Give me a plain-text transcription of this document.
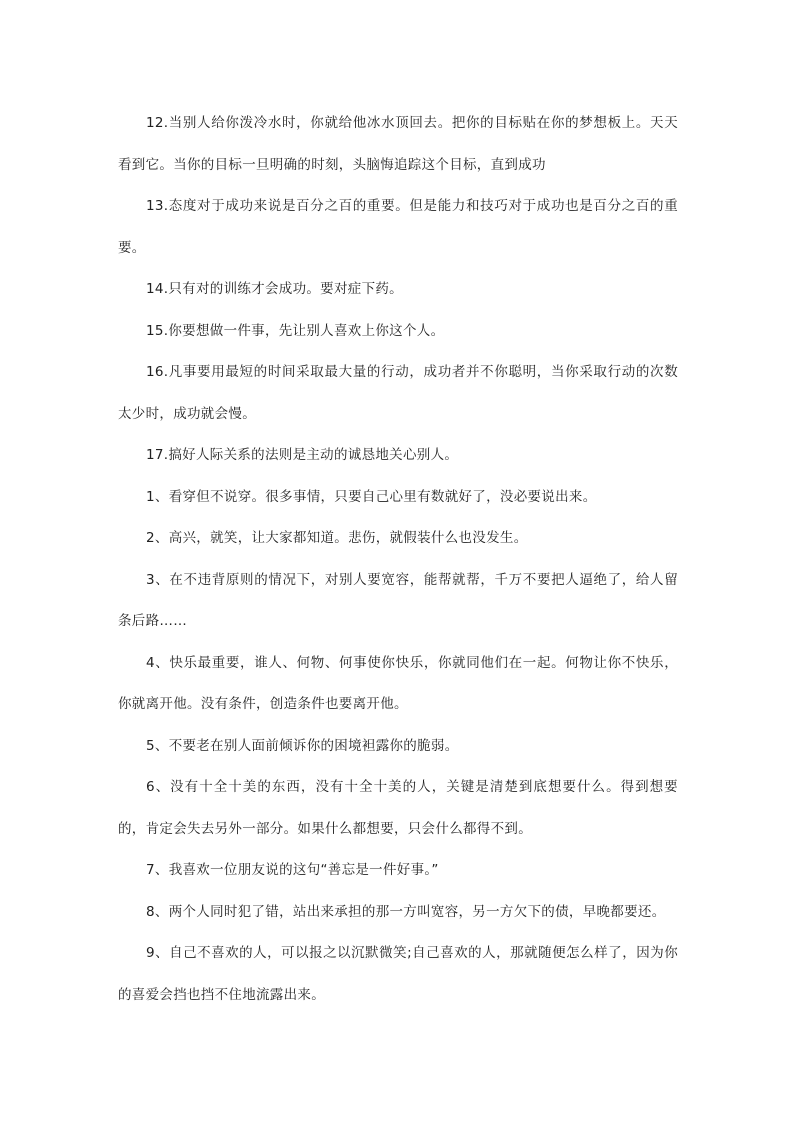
12.当别人给你泼冷水时，你就给他冰水顶回去。把你的目标贴在你的梦想板上。天天看到它。当你的目标一旦明确的时刻，头脑悔追踪这个目标，直到成功

13.态度对于成功来说是百分之百的重要。但是能力和技巧对于成功也是百分之百的重要。

14.只有对的训练才会成功。要对症下药。

15.你要想做一件事，先让别人喜欢上你这个人。

16.凡事要用最短的时间采取最大量的行动，成功者并不你聪明，当你采取行动的次数太少时，成功就会慢。

17.搞好人际关系的法则是主动的诚恳地关心别人。

1、看穿但不说穿。很多事情，只要自己心里有数就好了，没必要说出来。

2、高兴，就笑，让大家都知道。悲伤，就假装什么也没发生。

3、在不违背原则的情况下，对别人要宽容，能帮就帮，千万不要把人逼绝了，给人留条后路……

4、快乐最重要，谁人、何物、何事使你快乐，你就同他们在一起。何物让你不快乐，你就离开他。没有条件，创造条件也要离开他。

5、不要老在别人面前倾诉你的困境袒露你的脆弱。

6、没有十全十美的东西，没有十全十美的人，关键是清楚到底想要什么。得到想要的，肯定会失去另外一部分。如果什么都想要，只会什么都得不到。

7、我喜欢一位朋友说的这句“善忘是一件好事。”

8、两个人同时犯了错，站出来承担的那一方叫宽容，另一方欠下的债，早晚都要还。

9、自己不喜欢的人，可以报之以沉默微笑;自己喜欢的人，那就随便怎么样了，因为你的喜爱会挡也挡不住地流露出来。
